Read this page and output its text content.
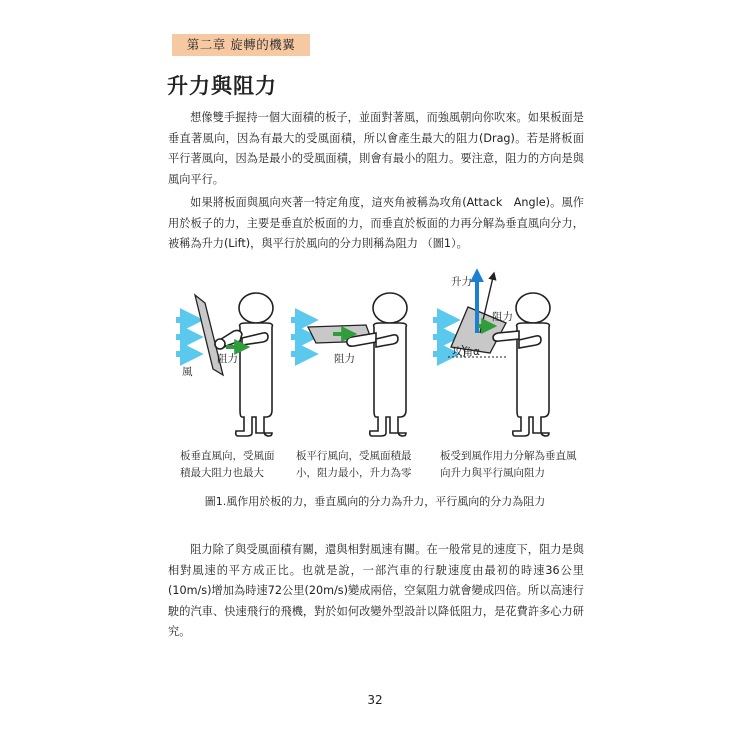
第二章 旋轉的機翼
升力與阻力

想像雙手握持一個大面積的板子，並面對著風，而強風朝向你吹來。如果板面是垂直著風向，因為有最大的受風面積，所以會產生最大的阻力(Drag)。若是將板面平行著風向，因為是最小的受風面積，則會有最小的阻力。要注意，阻力的方向是與風向平行。

如果將板面與風向夾著一特定角度，這夾角被稱為攻角(Attack　Angle)。風作用於板子的力，主要是垂直於板面的力，而垂直於板面的力再分解為垂直風向分力，被稱為升力(Lift)，與平行於風向的分力則稱為阻力 （圖1）。

阻力
風
阻力
升力
阻力
攻角α

板垂直風向，受風面積最大阻力也最大

板平行風向，受風面積最小，阻力最小，升力為零

板受到風作用力分解為垂直風向升力與平行風向阻力

圖1.風作用於板的力，垂直風向的分力為升力，平行風向的分力為阻力

阻力除了與受風面積有關，還與相對風速有關。在一般常見的速度下，阻力是與相對風速的平方成正比。也就是說，一部汽車的行駛速度由最初的時速36公里(10m/s)增加為時速72公里(20m/s)變成兩倍，空氣阻力就會變成四倍。所以高速行駛的汽車、快速飛行的飛機，對於如何改變外型設計以降低阻力，是花費許多心力研究。

32
